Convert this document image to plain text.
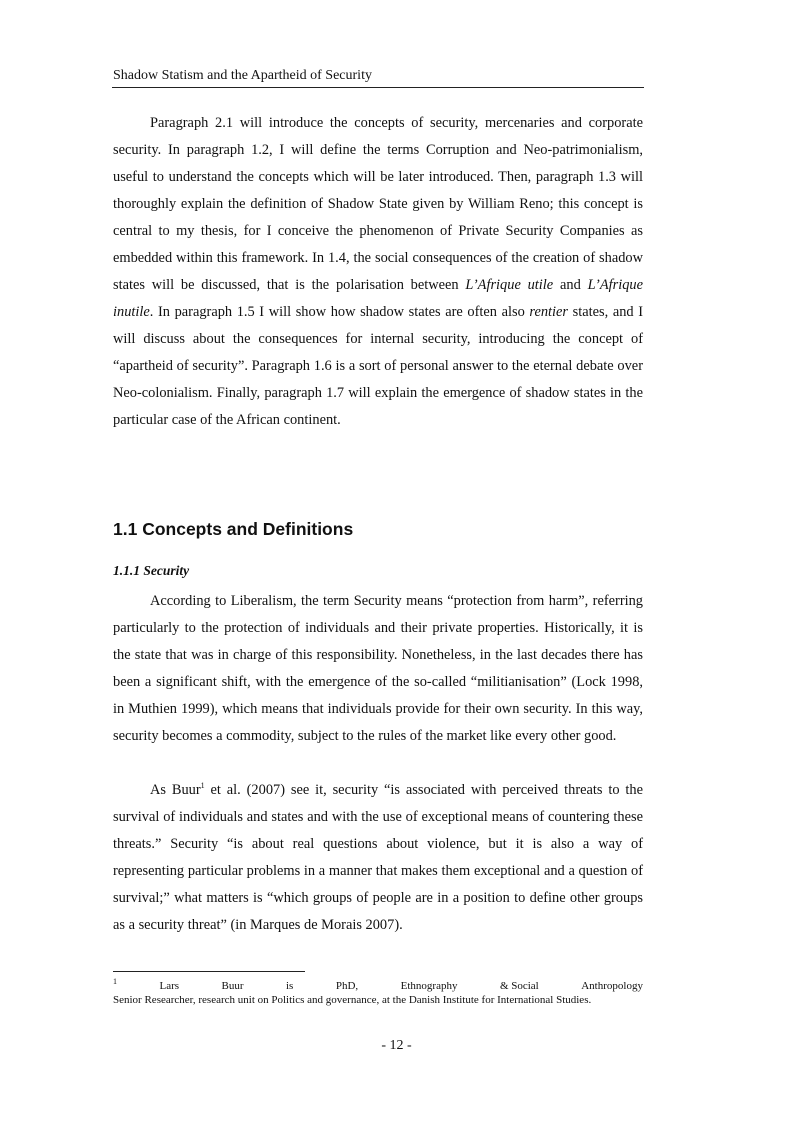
Shadow Statism and the Apartheid of Security

Paragraph 2.1 will introduce the concepts of security, mercenaries and corporate security. In paragraph 1.2, I will define the terms Corruption and Neo-patrimonialism, useful to understand the concepts which will be later introduced. Then, paragraph 1.3 will thoroughly explain the definition of Shadow State given by William Reno; this concept is central to my thesis, for I conceive the phenomenon of Private Security Companies as embedded within this framework. In 1.4, the social consequences of the creation of shadow states will be discussed, that is the polarisation between L’Afrique utile and L’Afrique inutile. In paragraph 1.5 I will show how shadow states are often also rentier states, and I will discuss about the consequences for internal security, introducing the concept of “apartheid of security”. Paragraph 1.6 is a sort of personal answer to the eternal debate over Neo-colonialism. Finally, paragraph 1.7 will explain the emergence of shadow states in the particular case of the African continent.

1.1 Concepts and Definitions
1.1.1 Security

According to Liberalism, the term Security means “protection from harm”, referring particularly to the protection of individuals and their private properties. Historically, it is the state that was in charge of this responsibility. Nonetheless, in the last decades there has been a significant shift, with the emergence of the so-called “militianisation” (Lock 1998, in Muthien 1999), which means that individuals provide for their own security. In this way, security becomes a commodity, subject to the rules of the market like every other good.

As Buur$^1$ et al. (2007) see it, security “is associated with perceived threats to the survival of individuals and states and with the use of exceptional means of countering these threats.” Security “is about real questions about violence, but it is also a way of representing particular problems in a manner that makes them exceptional and a question of survival;” what matters is “which groups of people are in a position to define other groups as a security threat” (in Marques de Morais 2007).

1	Lars	Buur	is	PhD,	Ethnography	& Social	Anthropology
Senior Researcher, research unit on Politics and governance, at the Danish Institute for International Studies.
- 12 -
